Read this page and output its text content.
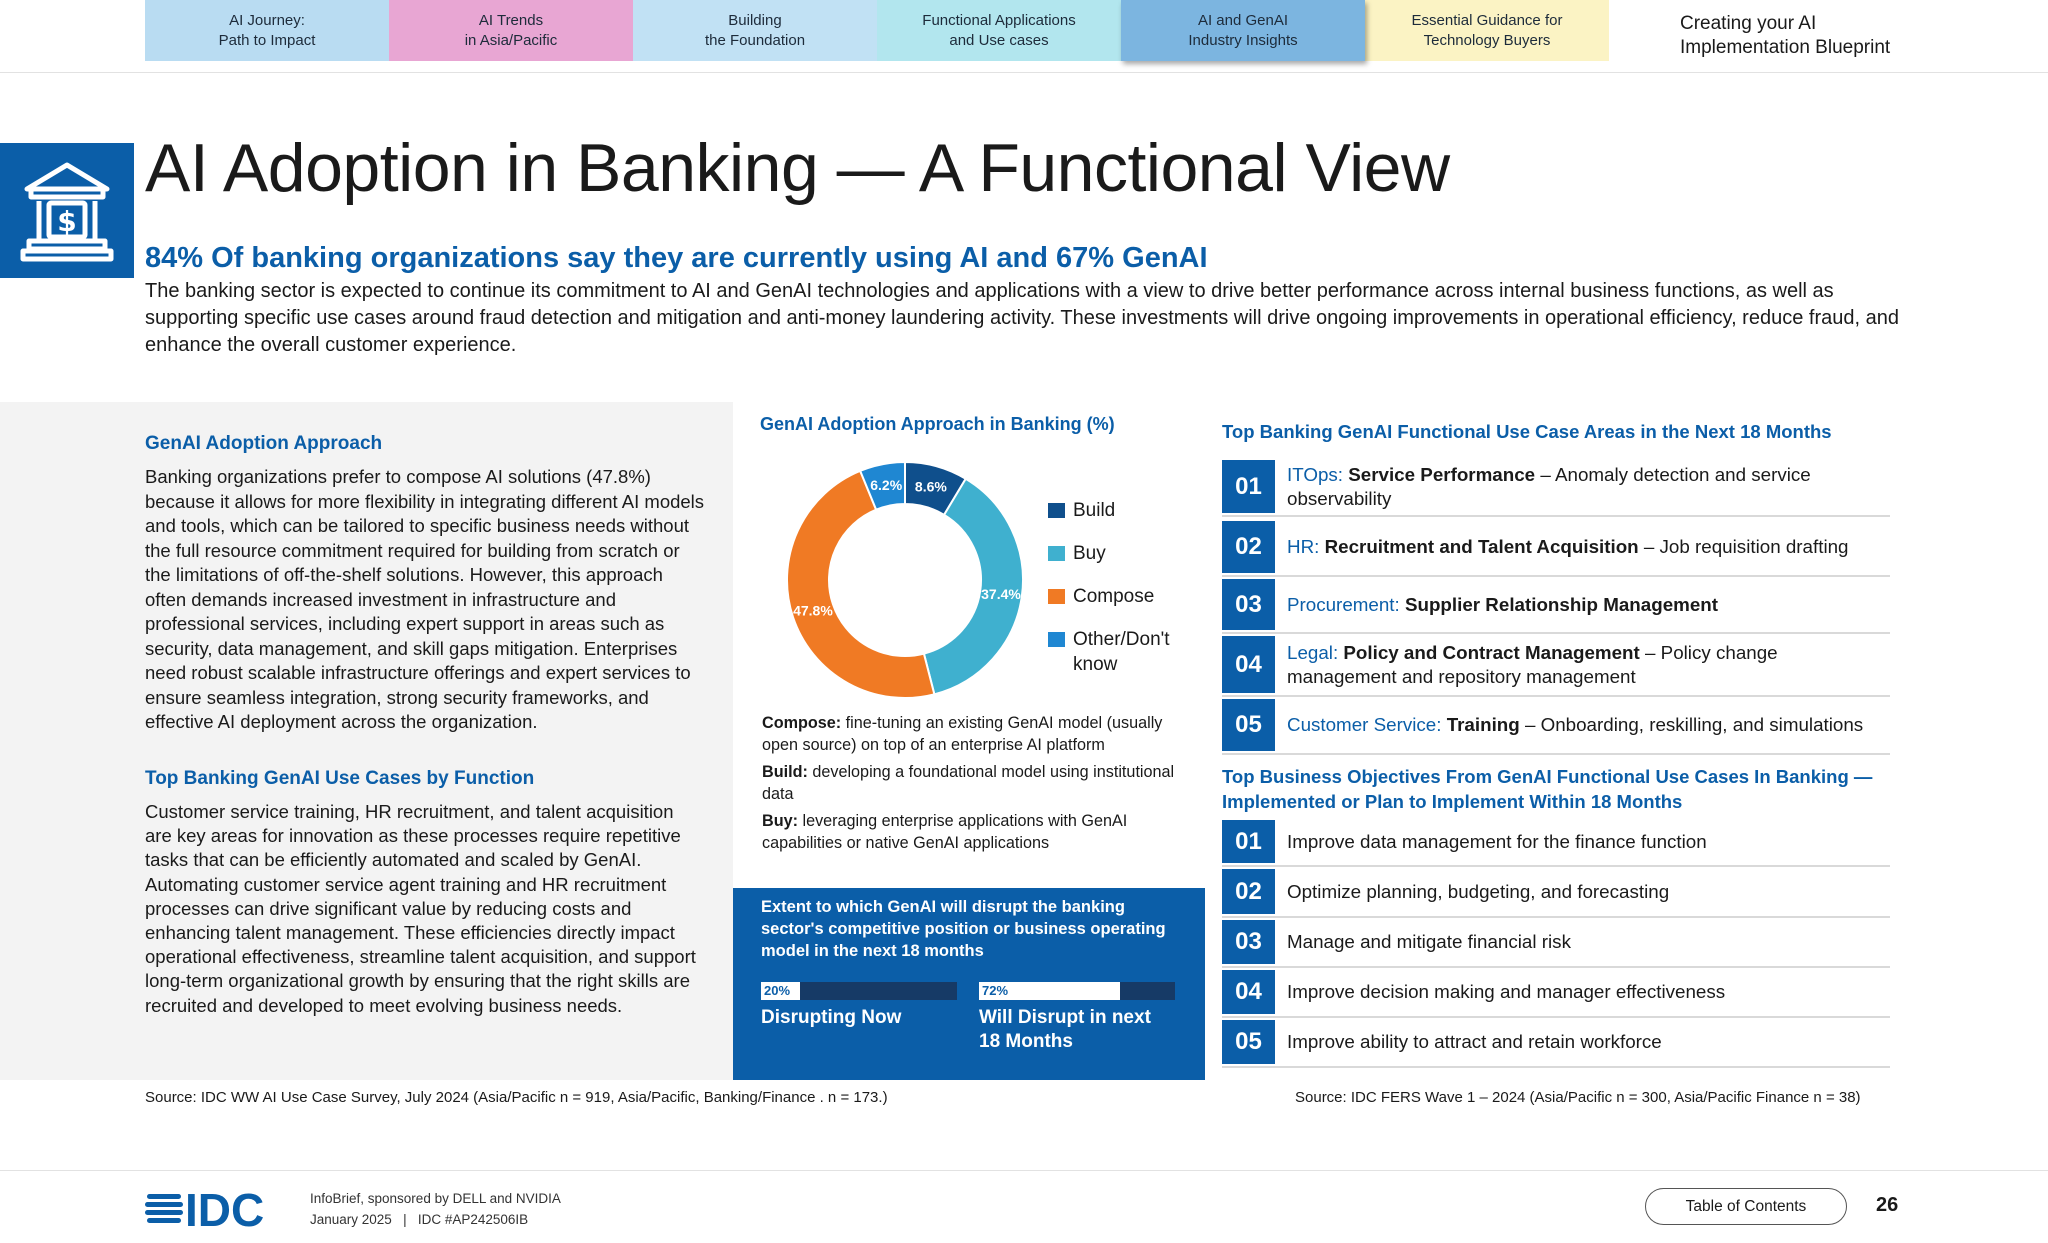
AI Journey:
Path to Impact
AI Trends
in Asia/Pacific
Building
the Foundation
Functional Applications
and Use cases
AI and GenAI
Industry Insights
Essential Guidance for
Technology Buyers
Creating your AI
Implementation Blueprint
$
AI Adoption in Banking — A Functional View
84% Of banking organizations say they are currently using AI and 67% GenAI
The banking sector is expected to continue its commitment to AI and GenAI technologies and applications with a view to drive better performance across internal business functions, as well as supporting specific use cases around fraud detection and mitigation and anti-money laundering activity. These investments will drive ongoing improvements in operational efficiency, reduce fraud, and enhance the overall customer experience.
GenAI Adoption Approach
Banking organizations prefer to compose AI solutions (47.8%) because it allows for more flexibility in integrating different AI models and tools, which can be tailored to specific business needs without the full resource commitment required for building from scratch or the limitations of off-the-shelf solutions. However, this approach often demands increased investment in infrastructure and professional services, including expert support in areas such as security, data management, and skill gaps mitigation. Enterprises need robust scalable infrastructure offerings and expert services to ensure seamless integration, strong security frameworks, and effective AI deployment across the organization.
Top Banking GenAI Use Cases by Function
Customer service training, HR recruitment, and talent acquisition are key areas for innovation as these processes require repetitive tasks that can be efficiently automated and scaled by GenAI. Automating customer service agent training and HR recruitment processes can drive significant value by reducing costs and enhancing talent management. These efficiencies directly impact operational effectiveness, streamline talent acquisition, and support long-term organizational growth by ensuring that the right skills are recruited and developed to meet evolving business needs.
GenAI Adoption Approach in Banking (%)
8.6%
37.4%
47.8%
6.2%
Build
Buy
Compose
Other/Don't know
Compose: fine-tuning an existing GenAI model (usually open source) on top of an enterprise AI platform
Build: developing a foundational model using institutional data
Buy: leveraging enterprise applications with GenAI capabilities or native GenAI applications
Extent to which GenAI will disrupt the banking sector's competitive position or business operating model in the next 18 months
20%
Disrupting Now
72%
Will Disrupt in next
18 Months
Top Banking GenAI Functional Use Case Areas in the Next 18 Months
01	ITOps: Service Performance – Anomaly detection and service observability
02	HR: Recruitment and Talent Acquisition – Job requisition drafting
03	Procurement: Supplier Relationship Management
04	Legal: Policy and Contract Management – Policy change management and repository management
05	Customer Service: Training – Onboarding, reskilling, and simulations
Top Business Objectives From GenAI Functional Use Cases In Banking — Implemented or Plan to Implement Within 18 Months
01	Improve data management for the finance function
02	Optimize planning, budgeting, and forecasting
03	Manage and mitigate financial risk
04	Improve decision making and manager effectiveness
05	Improve ability to attract and retain workforce
Source: IDC WW AI Use Case Survey, July 2024 (Asia/Pacific n = 919, Asia/Pacific, Banking/Finance . n = 173.)	Source: IDC FERS Wave 1 – 2024 (Asia/Pacific n = 300, Asia/Pacific Finance n = 38)
IDC	InfoBrief, sponsored by DELL and NVIDIA
January 2025   |   IDC #AP242506IB
Table of Contents	26
